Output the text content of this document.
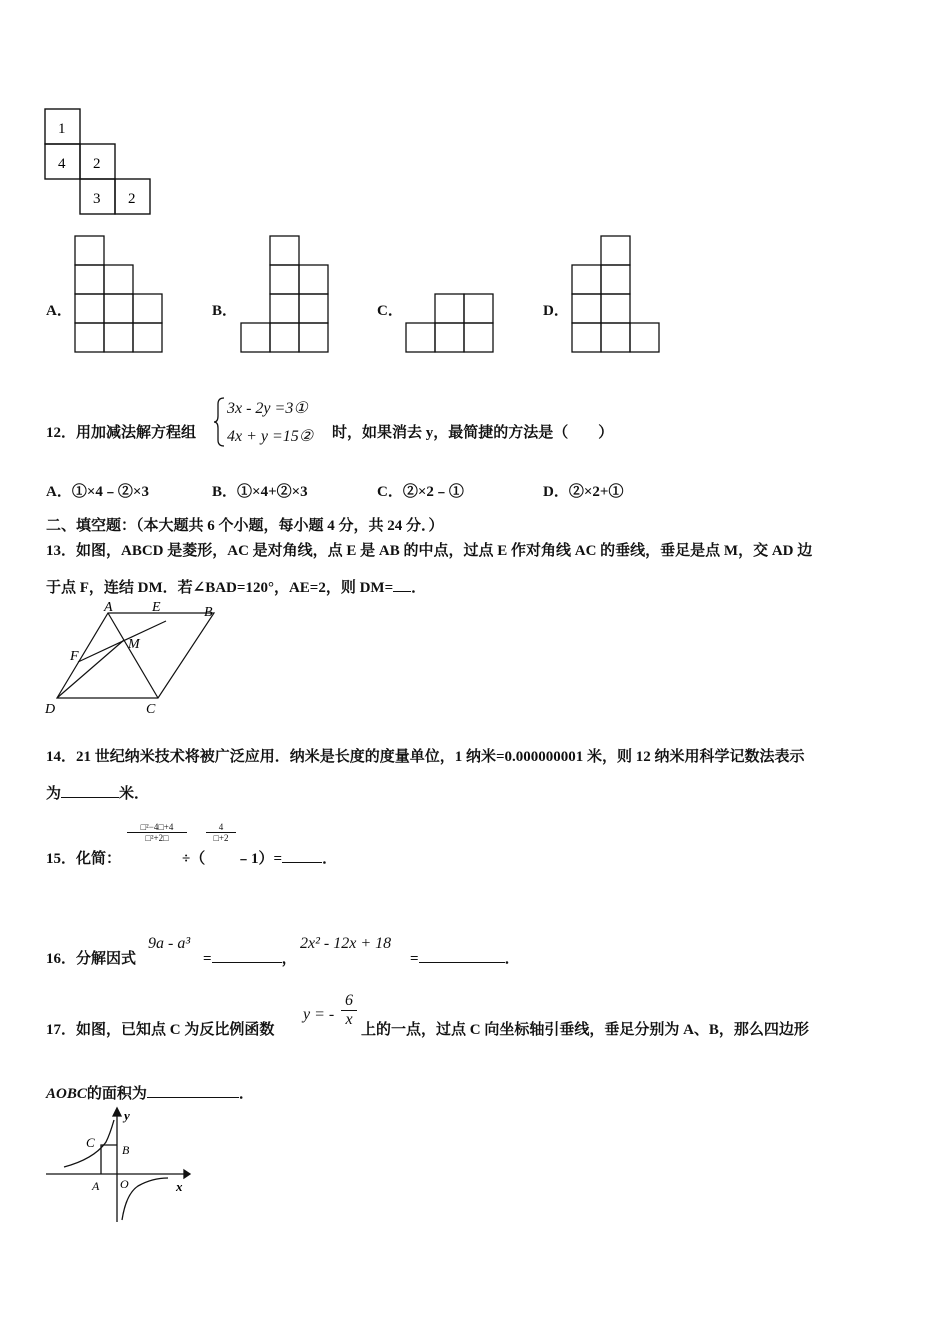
1
4 2
3 2
A．	B．	C．	D．
12．用加减法解方程组
3x - 2y =3①
4x + y =15② 时，如果消去 y，最简捷的方法是（　　）
A．①×4﹣②×3	B．①×4+②×3	C．②×2﹣①	D．②×2+①
二、填空题：（本大题共 6 个小题，每小题 4 分，共 24 分．）
13．如图，ABCD 是菱形，AC 是对角线，点 E 是 AB 的中点，过点 E 作对角线 AC 的垂线，垂足是点 M，交 AD 边
于点 F，连结 DM．若∠BAD=120°，AE=2，则 DM= ．
A	E	B
M
F
D	C
14．21 世纪纳米技术将被广泛应用．纳米是长度的度量单位，1 纳米=0.000000001 米，则 12 纳米用科学记数法表示
为	米．
15．化简：
$\frac{\text{□²−4□+4}}{\text{□²+2□}}$
÷（
$\frac{4}{□+2}$
﹣1）=	．
16．分解因式
9a - a³
=	，
2x² - 12x + 18
=	．
17．如图，已知点 C 为反比例函数
y = - $\frac{6}{x}$
上的一点，过点 C 向坐标轴引垂线，垂足分别为 A、B，那么四边形
AOBC的面积为	．
y
x
C B
A O
